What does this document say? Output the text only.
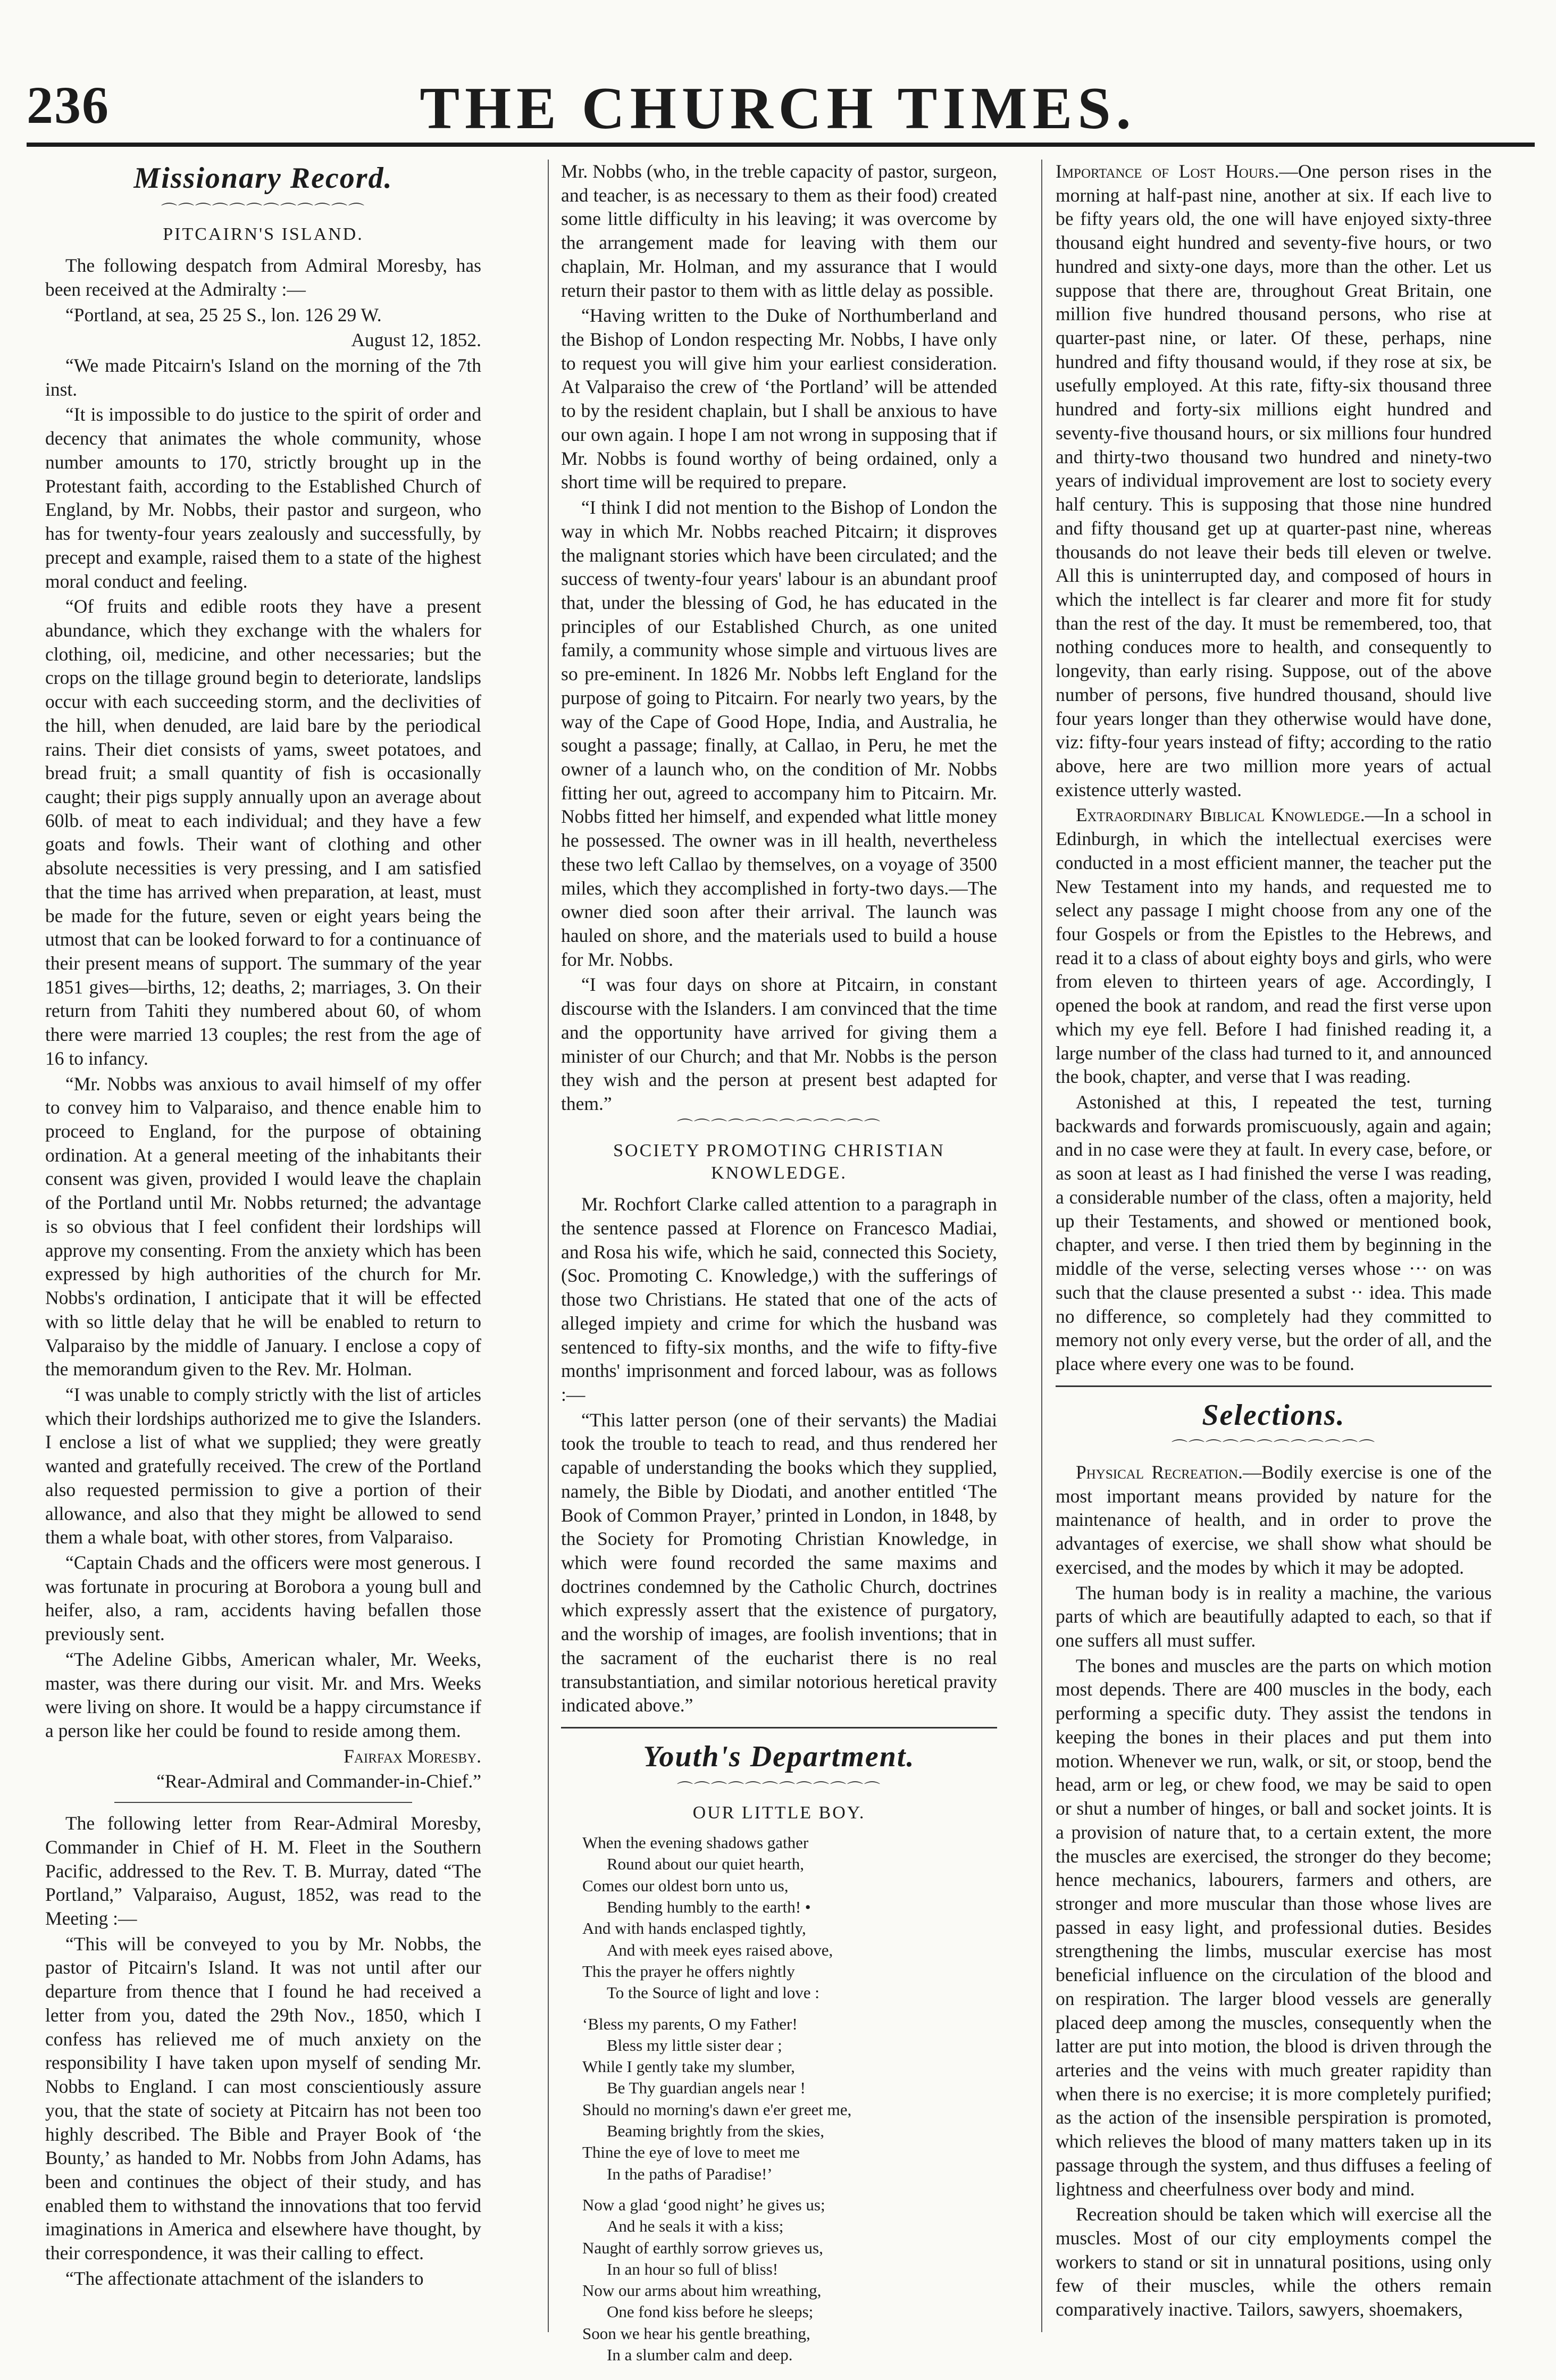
THE CHURCH TIMES.
236
Missionary Record.
⌒⌒⌒⌒⌒⌒⌒⌒⌒⌒⌒⌒
PITCAIRN'S ISLAND.

The following despatch from Admiral Moresby, has been received at the Admiralty :—

“Portland, at sea, 25 25 S., lon. 126 29 W.

August 12, 1852.

“We made Pitcairn's Island on the morning of the 7th inst.

“It is impossible to do justice to the spirit of order and decency that animates the whole community, whose number amounts to 170, strictly brought up in the Protestant faith, according to the Established Church of England, by Mr. Nobbs, their pastor and surgeon, who has for twenty-four years zealously and successfully, by precept and example, raised them to a state of the highest moral conduct and feeling.

“Of fruits and edible roots they have a present abundance, which they exchange with the whalers for clothing, oil, medicine, and other necessaries; but the crops on the tillage ground begin to deteriorate, landslips occur with each succeeding storm, and the declivities of the hill, when denuded, are laid bare by the periodical rains. Their diet consists of yams, sweet potatoes, and bread fruit; a small quantity of fish is occasionally caught; their pigs supply annually upon an average about 60lb. of meat to each individual; and they have a few goats and fowls. Their want of clothing and other absolute necessities is very pressing, and I am satisfied that the time has arrived when preparation, at least, must be made for the future, seven or eight years being the utmost that can be looked forward to for a continuance of their present means of support. The summary of the year 1851 gives—births, 12; deaths, 2; marriages, 3. On their return from Tahiti they numbered about 60, of whom there were married 13 couples; the rest from the age of 16 to infancy.

“Mr. Nobbs was anxious to avail himself of my offer to convey him to Valparaiso, and thence enable him to proceed to England, for the purpose of obtaining ordination. At a general meeting of the inhabitants their consent was given, provided I would leave the chaplain of the Portland until Mr. Nobbs returned; the advantage is so obvious that I feel confident their lordships will approve my consenting. From the anxiety which has been expressed by high authorities of the church for Mr. Nobbs's ordination, I anticipate that it will be effected with so little delay that he will be enabled to return to Valparaiso by the middle of January. I enclose a copy of the memorandum given to the Rev. Mr. Holman.

“I was unable to comply strictly with the list of articles which their lordships authorized me to give the Islanders. I enclose a list of what we supplied; they were greatly wanted and gratefully received. The crew of the Portland also requested permission to give a portion of their allowance, and also that they might be allowed to send them a whale boat, with other stores, from Valparaiso.

“Captain Chads and the officers were most generous. I was fortunate in procuring at Borobora a young bull and heifer, also, a ram, accidents having befallen those previously sent.

“The Adeline Gibbs, American whaler, Mr. Weeks, master, was there during our visit. Mr. and Mrs. Weeks were living on shore. It would be a happy circumstance if a person like her could be found to reside among them.

Fairfax Moresby.

“Rear-Admiral and Commander-in-Chief.”

The following letter from Rear-Admiral Moresby, Commander in Chief of H. M. Fleet in the Southern Pacific, addressed to the Rev. T. B. Murray, dated “The Portland,” Valparaiso, August, 1852, was read to the Meeting :—

“This will be conveyed to you by Mr. Nobbs, the pastor of Pitcairn's Island. It was not until after our departure from thence that I found he had received a letter from you, dated the 29th Nov., 1850, which I confess has relieved me of much anxiety on the responsibility I have taken upon myself of sending Mr. Nobbs to England. I can most conscientiously assure you, that the state of society at Pitcairn has not been too highly described. The Bible and Prayer Book of ‘the Bounty,’ as handed to Mr. Nobbs from John Adams, has been and continues the object of their study, and has enabled them to withstand the innovations that too fervid imaginations in America and elsewhere have thought, by their correspondence, it was their calling to effect.

“The affectionate attachment of the islanders to

Mr. Nobbs (who, in the treble capacity of pastor, surgeon, and teacher, is as necessary to them as their food) created some little difficulty in his leaving; it was overcome by the arrangement made for leaving with them our chaplain, Mr. Holman, and my assurance that I would return their pastor to them with as little delay as possible.

“Having written to the Duke of Northumberland and the Bishop of London respecting Mr. Nobbs, I have only to request you will give him your earliest consideration. At Valparaiso the crew of ‘the Portland’ will be attended to by the resident chaplain, but I shall be anxious to have our own again. I hope I am not wrong in supposing that if Mr. Nobbs is found worthy of being ordained, only a short time will be required to prepare.

“I think I did not mention to the Bishop of London the way in which Mr. Nobbs reached Pitcairn; it disproves the malignant stories which have been circulated; and the success of twenty-four years' labour is an abundant proof that, under the blessing of God, he has educated in the principles of our Established Church, as one united family, a community whose simple and virtuous lives are so pre-eminent. In 1826 Mr. Nobbs left England for the purpose of going to Pitcairn. For nearly two years, by the way of the Cape of Good Hope, India, and Australia, he sought a passage; finally, at Callao, in Peru, he met the owner of a launch who, on the condition of Mr. Nobbs fitting her out, agreed to accompany him to Pitcairn. Mr. Nobbs fitted her himself, and expended what little money he possessed. The owner was in ill health, nevertheless these two left Callao by themselves, on a voyage of 3500 miles, which they accomplished in forty-two days.—The owner died soon after their arrival. The launch was hauled on shore, and the materials used to build a house for Mr. Nobbs.

“I was four days on shore at Pitcairn, in constant discourse with the Islanders. I am convinced that the time and the opportunity have arrived for giving them a minister of our Church; and that Mr. Nobbs is the person they wish and the person at present best adapted for them.”

⌒⌒⌒⌒⌒⌒⌒⌒⌒⌒⌒⌒
SOCIETY PROMOTING CHRISTIAN KNOWLEDGE.

Mr. Rochfort Clarke called attention to a paragraph in the sentence passed at Florence on Francesco Madiai, and Rosa his wife, which he said, connected this Society, (Soc. Promoting C. Knowledge,) with the sufferings of those two Christians. He stated that one of the acts of alleged impiety and crime for which the husband was sentenced to fifty-six months, and the wife to fifty-five months' imprisonment and forced labour, was as follows :—

“This latter person (one of their servants) the Madiai took the trouble to teach to read, and thus rendered her capable of understanding the books which they supplied, namely, the Bible by Diodati, and another entitled ‘The Book of Common Prayer,’ printed in London, in 1848, by the Society for Promoting Christian Knowledge, in which were found recorded the same maxims and doctrines condemned by the Catholic Church, doctrines which expressly assert that the existence of purgatory, and the worship of images, are foolish inventions; that in the sacrament of the eucharist there is no real transubstantiation, and similar notorious heretical pravity indicated above.”

Youth's Department.
⌒⌒⌒⌒⌒⌒⌒⌒⌒⌒⌒⌒
OUR LITTLE BOY.
When the evening shadows gather
Round about our quiet hearth,
Comes our oldest born unto us,
Bending humbly to the earth! •
And with hands enclasped tightly,
And with meek eyes raised above,
This the prayer he offers nightly
To the Source of light and love :
‘Bless my parents, O my Father!
Bless my little sister dear ;
While I gently take my slumber,
Be Thy guardian angels near !
Should no morning's dawn e'er greet me,
Beaming brightly from the skies,
Thine the eye of love to meet me
In the paths of Paradise!’
Now a glad ‘good night’ he gives us;
And he seals it with a kiss;
Naught of earthly sorrow grieves us,
In an hour so full of bliss!
Now our arms about him wreathing,
One fond kiss before he sleeps;
Soon we hear his gentle breathing,
In a slumber calm and deep.

Importance of Lost Hours.—One person rises in the morning at half-past nine, another at six. If each live to be fifty years old, the one will have enjoyed sixty-three thousand eight hundred and seventy-five hours, or two hundred and sixty-one days, more than the other. Let us suppose that there are, throughout Great Britain, one million five hundred thousand persons, who rise at quarter-past nine, or later. Of these, perhaps, nine hundred and fifty thousand would, if they rose at six, be usefully employed. At this rate, fifty-six thousand three hundred and forty-six millions eight hundred and seventy-five thousand hours, or six millions four hundred and thirty-two thousand two hundred and ninety-two years of individual improvement are lost to society every half century. This is supposing that those nine hundred and fifty thousand get up at quarter-past nine, whereas thousands do not leave their beds till eleven or twelve. All this is uninterrupted day, and composed of hours in which the intellect is far clearer and more fit for study than the rest of the day. It must be remembered, too, that nothing conduces more to health, and consequently to longevity, than early rising. Suppose, out of the above number of persons, five hundred thousand, should live four years longer than they otherwise would have done, viz: fifty-four years instead of fifty; according to the ratio above, here are two million more years of actual existence utterly wasted.

Extraordinary Biblical Knowledge.—In a school in Edinburgh, in which the intellectual exercises were conducted in a most efficient manner, the teacher put the New Testament into my hands, and requested me to select any passage I might choose from any one of the four Gospels or from the Epistles to the Hebrews, and read it to a class of about eighty boys and girls, who were from eleven to thirteen years of age. Accordingly, I opened the book at random, and read the first verse upon which my eye fell. Before I had finished reading it, a large number of the class had turned to it, and announced the book, chapter, and verse that I was reading.

Astonished at this, I repeated the test, turning backwards and forwards promiscuously, again and again; and in no case were they at fault. In every case, before, or as soon at least as I had finished the verse I was reading, a considerable number of the class, often a majority, held up their Testaments, and showed or mentioned book, chapter, and verse. I then tried them by beginning in the middle of the verse, selecting verses whose ··· on was such that the clause presented a subst ·· idea. This made no difference, so completely had they committed to memory not only every verse, but the order of all, and the place where every one was to be found.

Selections.
⌒⌒⌒⌒⌒⌒⌒⌒⌒⌒⌒⌒

Physical Recreation.—Bodily exercise is one of the most important means provided by nature for the maintenance of health, and in order to prove the advantages of exercise, we shall show what should be exercised, and the modes by which it may be adopted.

The human body is in reality a machine, the various parts of which are beautifully adapted to each, so that if one suffers all must suffer.

The bones and muscles are the parts on which motion most depends. There are 400 muscles in the body, each performing a specific duty. They assist the tendons in keeping the bones in their places and put them into motion. Whenever we run, walk, or sit, or stoop, bend the head, arm or leg, or chew food, we may be said to open or shut a number of hinges, or ball and socket joints. It is a provision of nature that, to a certain extent, the more the muscles are exercised, the stronger do they become; hence mechanics, labourers, farmers and others, are stronger and more muscular than those whose lives are passed in easy light, and professional duties. Besides strengthening the limbs, muscular exercise has most beneficial influence on the circulation of the blood and on respiration. The larger blood vessels are generally placed deep among the muscles, consequently when the latter are put into motion, the blood is driven through the arteries and the veins with much greater rapidity than when there is no exercise; it is more completely purified; as the action of the insensible perspiration is promoted, which relieves the blood of many matters taken up in its passage through the system, and thus diffuses a feeling of lightness and cheerfulness over body and mind.

Recreation should be taken which will exercise all the muscles. Most of our city employments compel the workers to stand or sit in unnatural positions, using only few of their muscles, while the others remain comparatively inactive. Tailors, sawyers, shoemakers,
